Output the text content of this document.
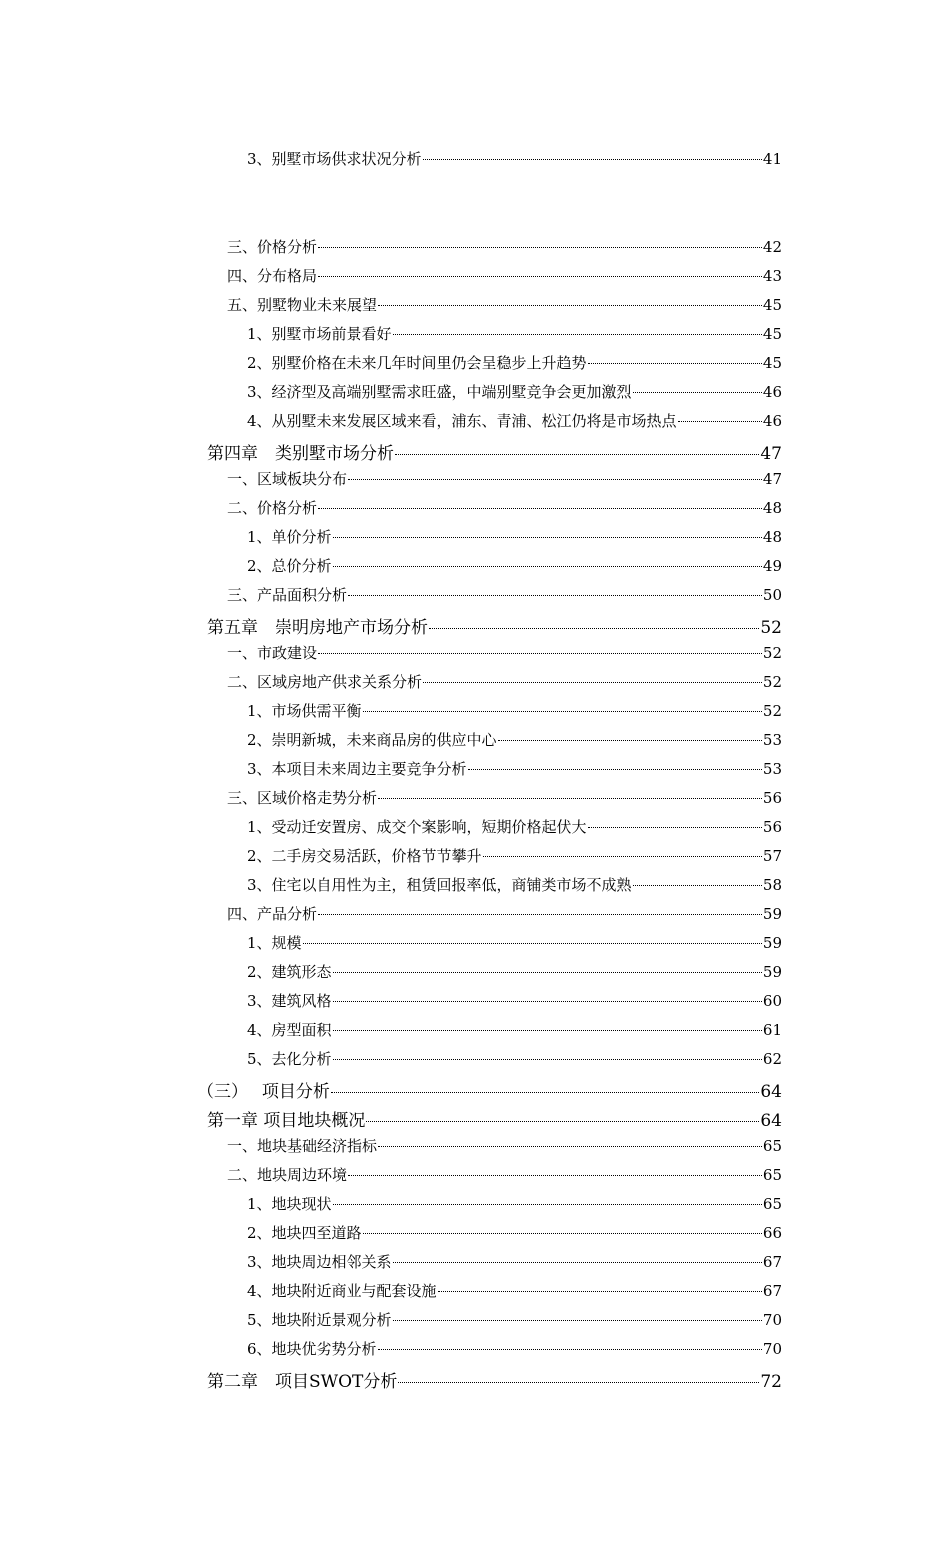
3、别墅市场供求状况分析	41
三、价格分析	42
四、分布格局	43
五、别墅物业未来展望	45
1、别墅市场前景看好	45
2、别墅价格在未来几年时间里仍会呈稳步上升趋势	45
3、经济型及高端别墅需求旺盛，中端别墅竞争会更加激烈	46
4、从别墅未来发展区域来看，浦东、青浦、松江仍将是市场热点	46
第四章　类别墅市场分析	47
一、区域板块分布	47
二、价格分析	48
1、单价分析	48
2、总价分析	49
三、产品面积分析	50
第五章　崇明房地产市场分析	52
一、市政建设	52
二、区域房地产供求关系分析	52
1、市场供需平衡	52
2、崇明新城，未来商品房的供应中心	53
3、本项目未来周边主要竞争分析	53
三、区域价格走势分析	56
1、受动迁安置房、成交个案影响，短期价格起伏大	56
2、二手房交易活跃，价格节节攀升	57
3、住宅以自用性为主，租赁回报率低，商铺类市场不成熟	58
四、产品分析	59
1、规模	59
2、建筑形态	59
3、建筑风格	60
4、房型面积	61
5、去化分析	62
（三）　 项目分析	64
第一章 项目地块概况	64
一、地块基础经济指标	65
二、地块周边环境	65
1、地块现状	65
2、地块四至道路	66
3、地块周边相邻关系	67
4、地块附近商业与配套设施	67
5、地块附近景观分析	70
6、地块优劣势分析	70
第二章　项目SWOT分析	72
